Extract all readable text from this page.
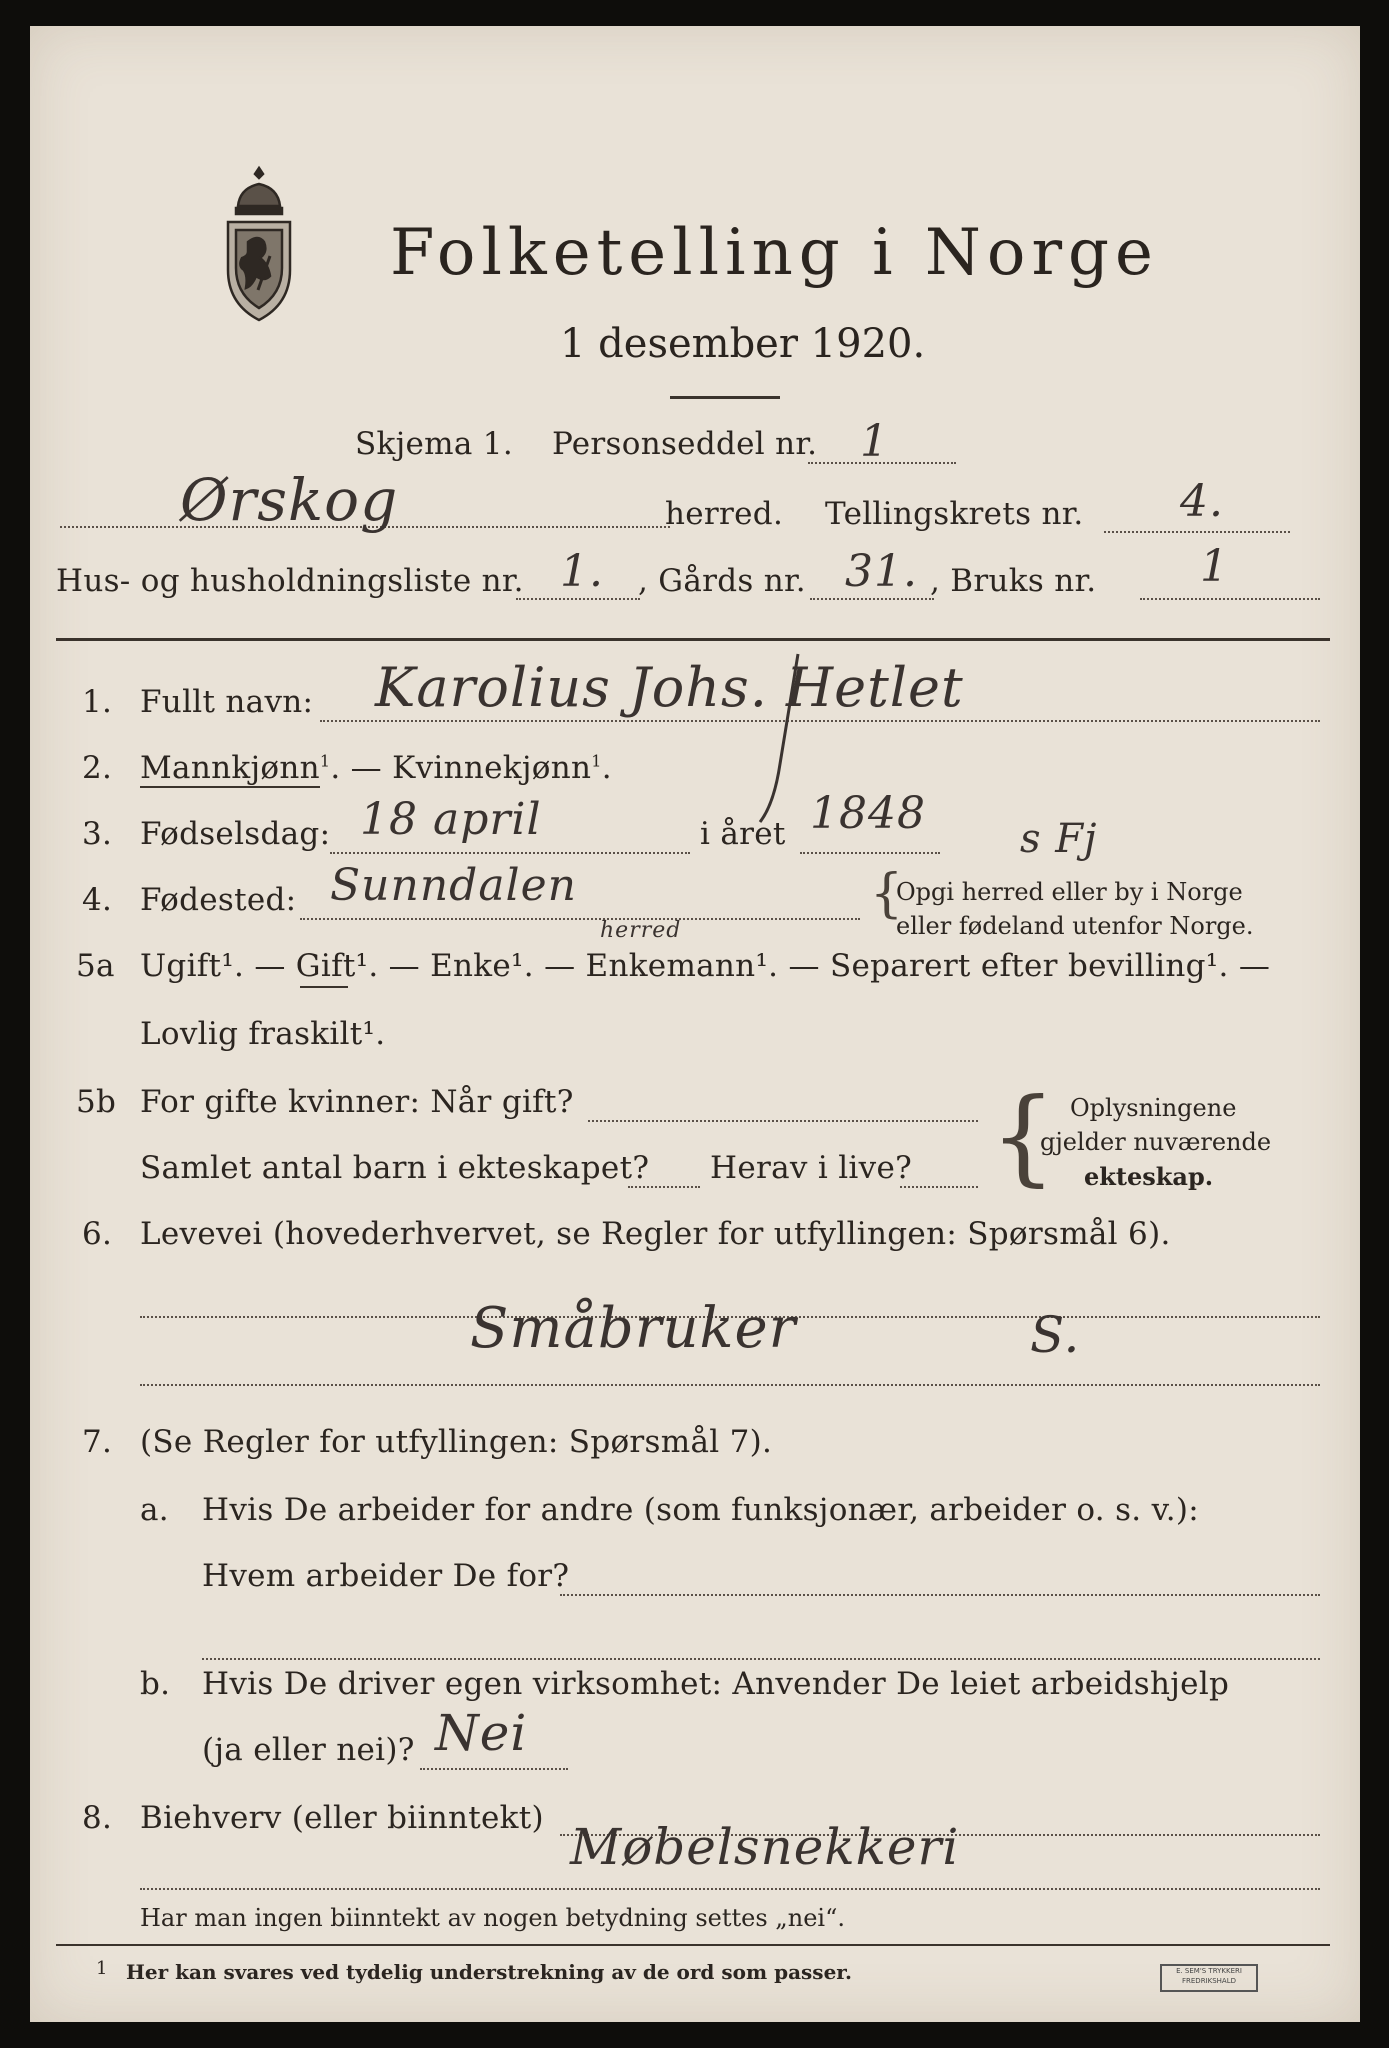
Folketelling i Norge
1 desember 1920.
Skjema 1. Personseddel nr. 1
Ørskog	herred. Tellingskrets nr. 4.
Hus- og husholdningsliste nr. 1. , Gårds nr. 31. , Bruks nr. 1
1. Fullt navn: Karolius Johs. Hetlet
2. Mannkjønn$^1$. — Kvinnekjønn$^1$.
3. Fødselsdag: 18 april	i året 1848 s Fj
4. Fødested: Sunndalen
herred
{
Opgi herred eller by i Norge
eller fødeland utenfor Norge.
5a Ugift¹. — Gift¹. — Enke¹. — Enkemann¹. — Separert efter bevilling¹. —
Lovlig fraskilt¹.
5b For gifte kvinner: Når gift?
Samlet antal barn i ekteskapet? Herav i live? { Oplysningene
gjelder nuværende
ekteskap.
6. Levevei (hovederhvervet, se Regler for utfyllingen: Spørsmål 6).
Småbruker	S.
7. (Se Regler for utfyllingen: Spørsmål 7).
a. Hvis De arbeider for andre (som funksjonær, arbeider o. s. v.):
Hvem arbeider De for?
b. Hvis De driver egen virksomhet: Anvender De leiet arbeidshjelp
(ja eller nei)? Nei
8. Biehverv (eller biinntekt) Møbelsnekkeri
Har man ingen biinntekt av nogen betydning settes „nei“.
1 Her kan svares ved tydelig understrekning av de ord som passer.	E. SEM'S TRYKKERI
FREDRIKSHALD
